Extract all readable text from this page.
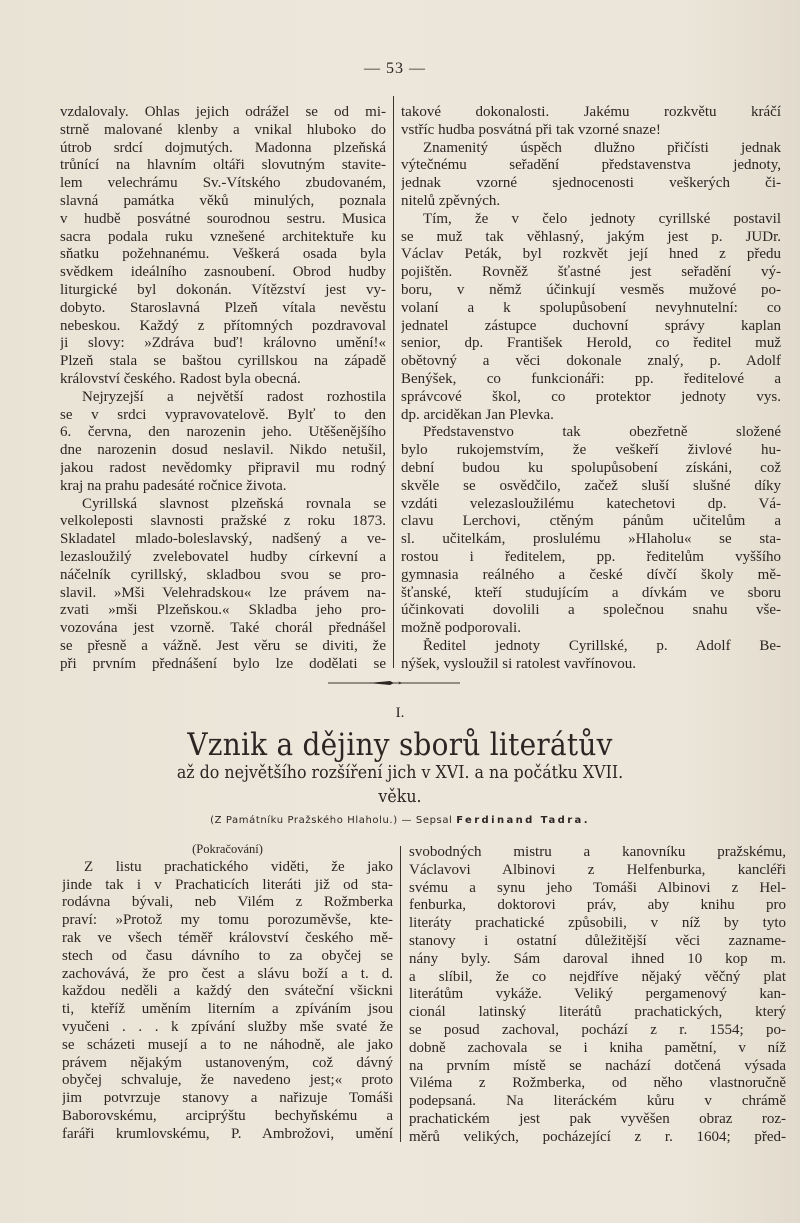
— 53 —
vzdalovaly. Ohlas jejich odrážel se od mi-
strně malované klenby a vnikal hluboko do
útrob srdcí dojmutých. Madonna plzeňská
trůnící na hlavním oltáři slovutným stavite-
lem velechrámu Sv.-Vítského zbudovaném,
slavná památka věků minulých, poznala
v hudbě posvátné sourodnou sestru. Musica
sacra podala ruku vznešené architektuře ku
sňatku požehnanému. Veškerá osada byla
svědkem ideálního zasnoubení. Obrod hudby
liturgické byl dokonán. Vítězství jest vy-
dobyto. Staroslavná Plzeň vítala nevěstu
nebeskou. Každý z přítomných pozdravoval
ji slovy: »Zdráva buď! královno umění!«
Plzeň stala se baštou cyrillskou na západě
království českého. Radost byla obecná.
Nejryzejší a největší radost rozhostila
se v srdci vypravovatelově. Bylť to den
6. června, den narozenin jeho. Utěšenějšího
dne narozenin dosud neslavil. Nikdo netušil,
jakou radost nevědomky připravil mu rodný
kraj na prahu padesáté ročnice života.
Cyrillská slavnost plzeňská rovnala se
velkoleposti slavnosti pražské z roku 1873.
Skladatel mlado-boleslavský, nadšený a ve-
lezasloužilý zvelebovatel hudby církevní a
náčelník cyrillský, skladbou svou se pro-
slavil. »Mši Velehradskou« lze právem na-
zvati »mši Plzeňskou.« Skladba jeho pro-
vozována jest vzorně. Také chorál přednášel
se přesně a vážně. Jest věru se diviti, že
při prvním přednášení bylo lze dodělati se
takové dokonalosti. Jakému rozkvětu kráčí
vstříc hudba posvátná při tak vzorné snaze!
Znamenitý úspěch dlužno přičísti jednak
výtečnému seřadění představenstva jednoty,
jednak vzorné sjednocenosti veškerých či-
nitelů zpěvných.
Tím, že v čelo jednoty cyrillské postavil
se muž tak věhlasný, jakým jest p. JUDr.
Václav Peták, byl rozkvět její hned z předu
pojištěn. Rovněž šťastné jest seřadění vý-
boru, v němž účinkují vesměs mužové po-
volaní a k spolupůsobení nevyhnutelní: co
jednatel zástupce duchovní správy kaplan
senior, dp. František Herold, co ředitel muž
obětovný a věci dokonale znalý, p. Adolf
Benýšek, co funkcionáři: pp. ředitelové a
správcové škol, co protektor jednoty vys.
dp. arciděkan Jan Plevka.
Představenstvo tak obezřetně složené
bylo rukojemstvím, že veškeří živlové hu-
dební budou ku spolupůsobení získáni, což
skvěle se osvědčilo, začež sluší slušné díky
vzdáti velezasloužilému katechetovi dp. Vá-
clavu Lerchovi, ctěným pánům učitelům a
sl. učitelkám, proslulému »Hlaholu« se sta-
rostou i ředitelem, pp. ředitelům vyššího
gymnasia reálného a české dívčí školy mě-
šťanské, kteří studujícím a dívkám ve sboru
účinkovati dovolili a společnou snahu vše-
možně podporovali.
Ředitel jednoty Cyrillské, p. Adolf Be-
nýšek, vysloužil si ratolest vavřínovou.
I.
Vznik a dějiny sborů literátův
až do největšího rozšíření jich v XVI. a na počátku XVII.
věku.
(Z Památníku Pražského Hlaholu.) — Sepsal Ferdinand Tadra.
(Pokračování)
Z listu prachatického viděti, že jako
jinde tak i v Prachaticích literáti již od sta-
rodávna bývali, neb Vilém z Rožmberka
praví: »Protož my tomu porozuměvše, kte-
rak ve všech téměř království českého mě-
stech od času dávního to za obyčej se
zachovává, že pro čest a slávu boží a t. d.
každou neděli a každý den sváteční všickni
ti, kteříž uměním literním a zpíváním jsou
vyučeni . . . k zpívání služby mše svaté že
se scházeti musejí a to ne náhodně, ale jako
právem nějakým ustanoveným, což dávný
obyčej schvaluje, že navedeno jest;« proto
jim potvrzuje stanovy a nařizuje Tomáši
Baborovskému, arciprýštu bechyňskému a
faráři krumlovskému, P. Ambrožovi, umění
svobodných mistru a kanovníku pražskému,
Václavovi Albinovi z Helfenburka, kancléři
svému a synu jeho Tomáši Albinovi z Hel-
fenburka, doktorovi práv, aby knihu pro
literáty prachatické způsobili, v níž by tyto
stanovy i ostatní důležitější věci zazname-
nány byly. Sám daroval ihned 10 kop m.
a slíbil, že co nejdříve nějaký věčný plat
literátům vykáže. Veliký pergamenový kan-
cionál latinský literátů prachatických, který
se posud zachoval, pochází z r. 1554; po-
dobně zachovala se i kniha pamětní, v níž
na prvním místě se nachází dotčená výsada
Viléma z Rožmberka, od něho vlastnoručně
podepsaná. Na literáckém kůru v chrámě
prachatickém jest pak vyvěšen obraz roz-
měrů velikých, pocházející z r. 1604; před-
